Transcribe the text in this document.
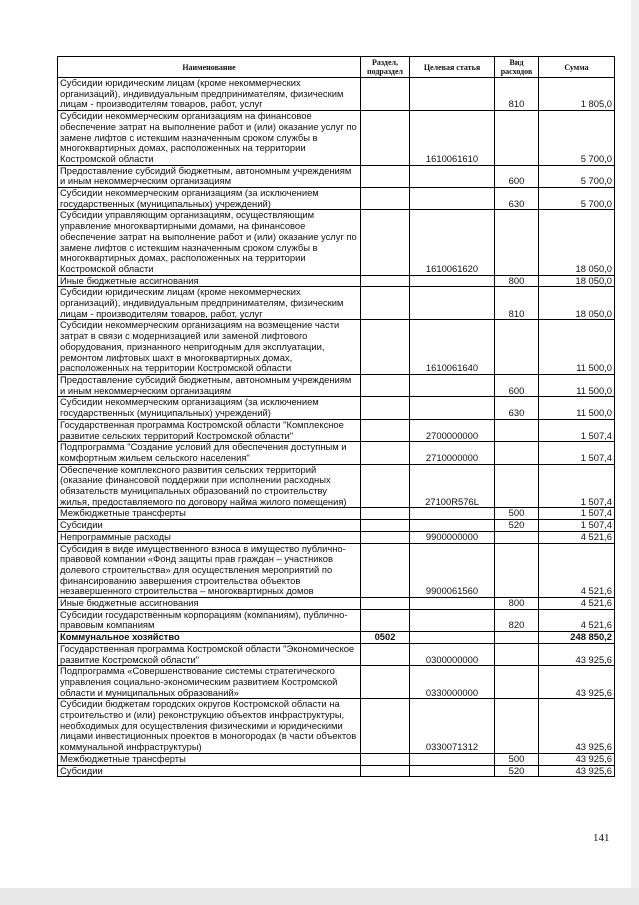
Наименование	Раздел, подраздел	Целевая статья	Вид расходов	Сумма
Субсидии юридическим лицам (кроме некоммерческих организаций), индивидуальным предпринимателям, физическим лицам - производителям товаров, работ, услуг			810	1 805,0
Субсидии некоммерческим организациям на финансовое обеспечение затрат на выполнение работ и (или) оказание услуг по замене лифтов с истекшим назначенным сроком службы в многоквартирных домах, расположенных на территории Костромской области		1610061610		5 700,0
Предоставление субсидий бюджетным, автономным учреждениям и иным некоммерческим организациям			600	5 700,0
Субсидии некоммерческим организациям (за исключением государственных (муниципальных) учреждений)			630	5 700,0
Субсидии управляющим организациям, осуществляющим управление многоквартирными домами, на финансовое обеспечение затрат на выполнение работ и (или) оказание услуг по замене лифтов с истекшим назначенным сроком службы в многоквартирных домах, расположенных на территории Костромской области		1610061620		18 050,0
Иные бюджетные ассигнования			800	18 050,0
Субсидии юридическим лицам (кроме некоммерческих организаций), индивидуальным предпринимателям, физическим лицам - производителям товаров, работ, услуг			810	18 050,0
Субсидии некоммерческим организациям на возмещение части затрат в связи с модернизацией или заменой лифтового оборудования, признанного непригодным для эксплуатации, ремонтом лифтовых шахт в многоквартирных домах, расположенных на территории Костромской области		1610061640		11 500,0
Предоставление субсидий бюджетным, автономным учреждениям и иным некоммерческим организациям			600	11 500,0
Субсидии некоммерческим организациям (за исключением государственных (муниципальных) учреждений)			630	11 500,0
Государственная программа Костромской области "Комплексное развитие сельских территорий Костромской области"		2700000000		1 507,4
Подпрограмма "Создание условий для обеспечения доступным и комфортным жильем сельского населения"		2710000000		1 507,4
Обеспечение комплексного развития сельских территорий (оказание финансовой поддержки при исполнении расходных обязательств муниципальных образований по строительству жилья, предоставляемого по договору найма жилого помещения)		27100R576L		1 507,4
Межбюджетные трансферты			500	1 507,4
Субсидии			520	1 507,4
Непрограммные расходы		9900000000		4 521,6
Субсидия в виде имущественного взноса в имущество публично-правовой компании «Фонд защиты прав граждан – участников долевого строительства» для осуществления мероприятий по финансированию завершения строительства объектов незавершенного строительства – многоквартирных домов		9900061560		4 521,6
Иные бюджетные ассигнования			800	4 521,6
Субсидии государственным корпорациям (компаниям), публично-правовым компаниям			820	4 521,6
Коммунальное хозяйство	0502			248 850,2
Государственная программа Костромской области "Экономическое развитие Костромской области"		0300000000		43 925,6
Подпрограмма «Совершенствование системы стратегического управления социально-экономическим развитием Костромской области и муниципальных образований»		0330000000		43 925,6
Субсидии бюджетам городских округов Костромской области на строительство и (или) реконструкцию объектов инфраструктуры, необходимых для осуществления физическими и юридическими лицами инвестиционных проектов в моногородах (в части объектов коммунальной инфраструктуры)		0330071312		43 925,6
Межбюджетные трансферты			500	43 925,6
Субсидии			520	43 925,6
141
